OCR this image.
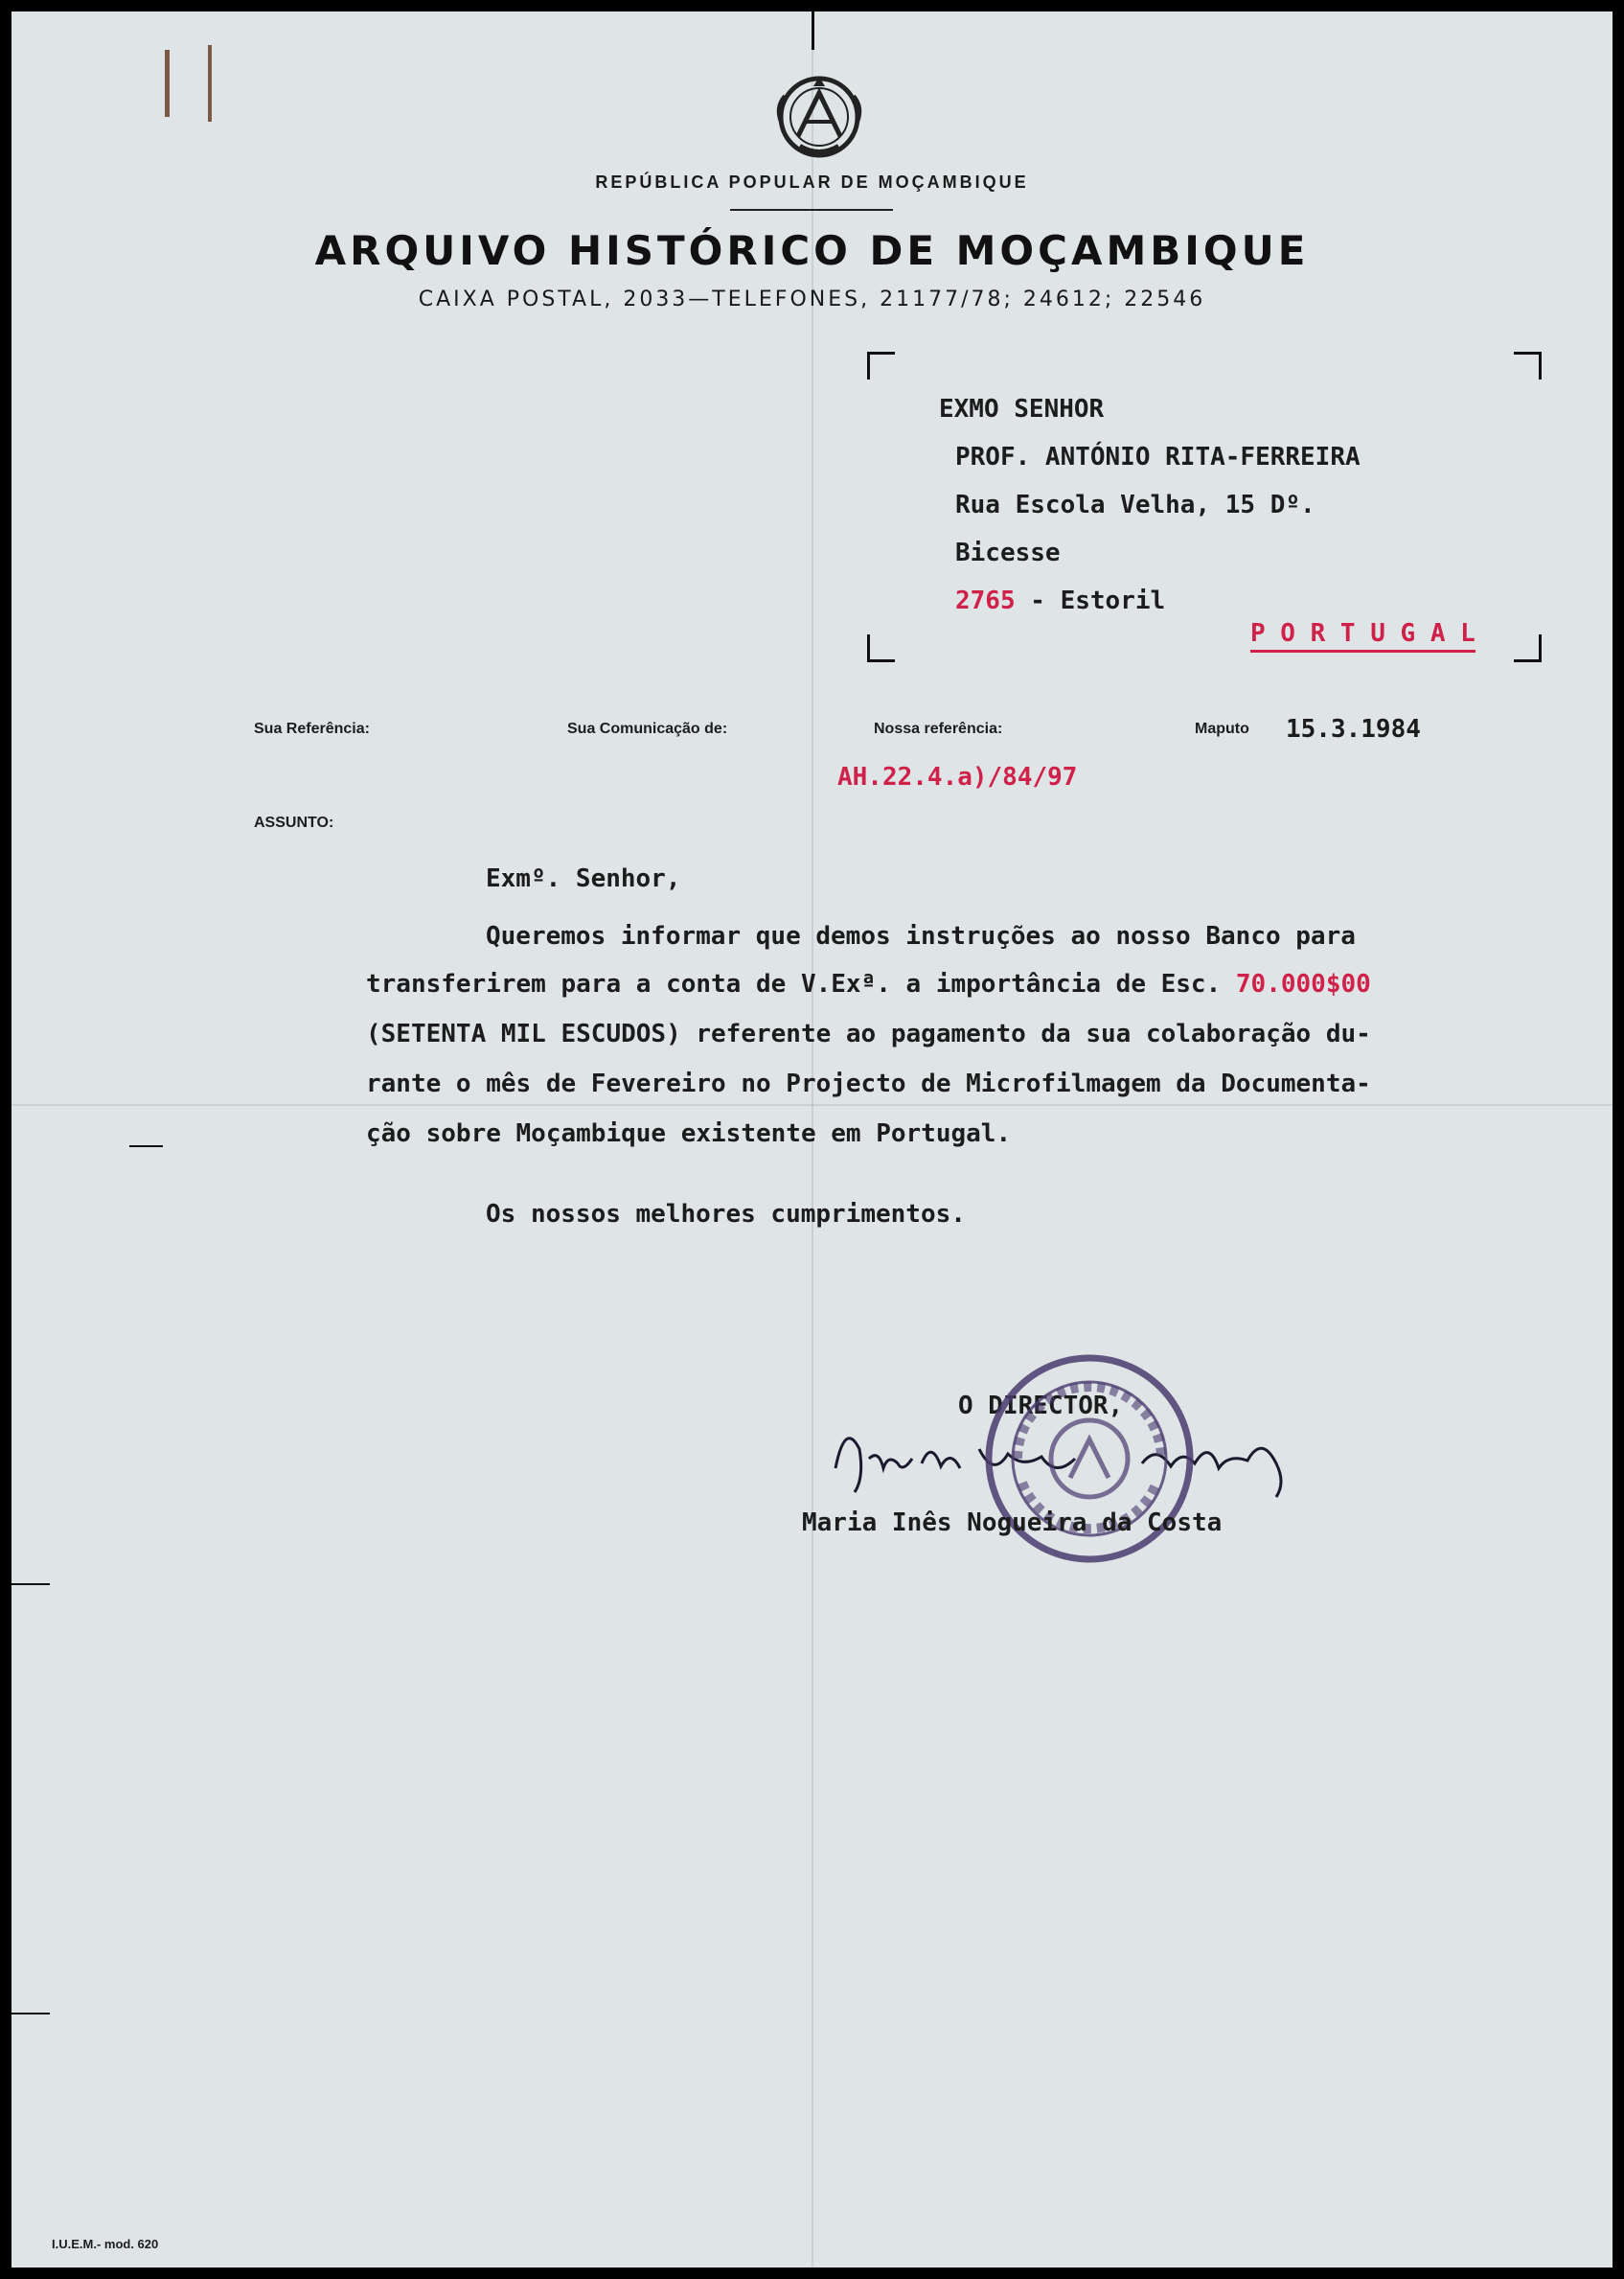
REPÚBLICA POPULAR DE MOÇAMBIQUE
ARQUIVO HISTÓRICO DE MOÇAMBIQUE
CAIXA POSTAL, 2033—TELEFONES, 21177/78; 24612; 22546
EXMO SENHOR
PROF. ANTÓNIO RITA-FERREIRA
Rua Escola Velha, 15 Dº.
Bicesse
2765 - Estoril
P O R T U G A L
Sua Referência:	Sua Comunicação de:	Nossa referência:	Maputo 15.3.1984
AH.22.4.a)/84/97
ASSUNTO:
Exmº. Senhor,
Queremos informar que demos instruções ao nosso Banco para
transferirem para a conta de V.Exª. a importância de Esc. 70.000$00
(SETENTA MIL ESCUDOS) referente ao pagamento da sua colaboração du-
rante o mês de Fevereiro no Projecto de Microfilmagem da Documenta-
ção sobre Moçambique existente em Portugal.
Os nossos melhores cumprimentos.
O DIRECTOR,
Maria Inês Nogueira da Costa
I.U.E.M.- mod. 620
